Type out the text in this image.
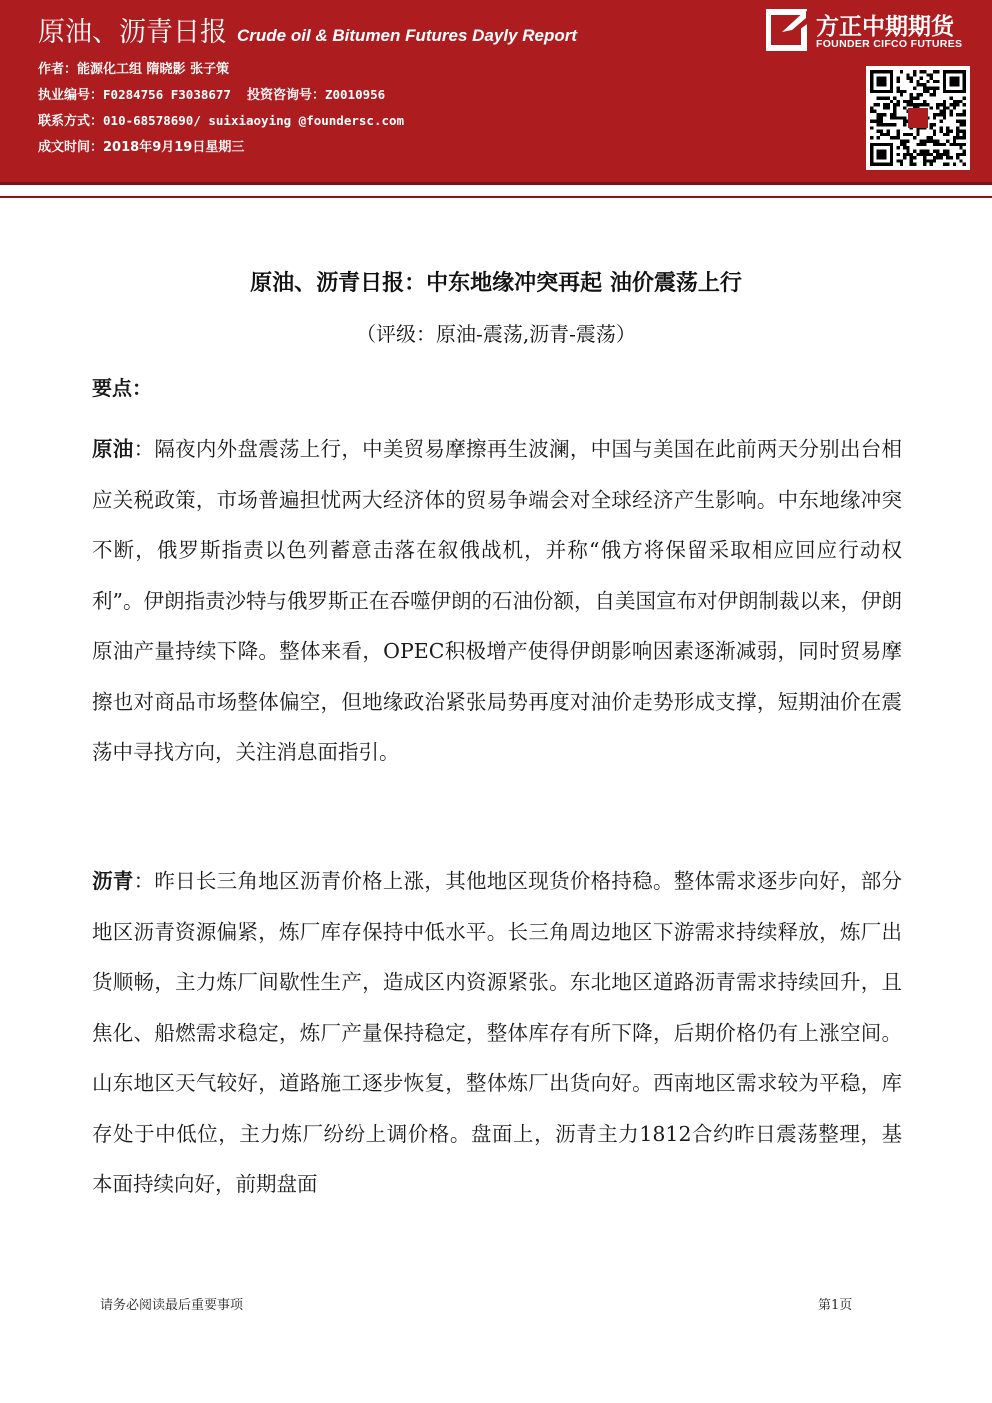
原油、沥青日报 Crude oil & Bitumen Futures Dayly Report
作者：能源化工组 隋晓影 张子策
执业编号：F0284756 F3038677 投资咨询号：Z0010956
联系方式：010-68578690/ suixiaoying @foundersc.com
成文时间：2018年9月19日星期三
方正中期期货
FOUNDER CIFCO FUTURES
原油、沥青日报：中东地缘冲突再起 油价震荡上行
（评级：原油-震荡,沥青-震荡）
要点：

原油：隔夜内外盘震荡上行，中美贸易摩擦再生波澜，中国与美国在此前两天分别出台相应关税政策，市场普遍担忧两大经济体的贸易争端会对全球经济产生影响。中东地缘冲突不断，俄罗斯指责以色列蓄意击落在叙俄战机，并称“俄方将保留采取相应回应行动权利”。伊朗指责沙特与俄罗斯正在吞噬伊朗的石油份额，自美国宣布对伊朗制裁以来，伊朗原油产量持续下降。整体来看，OPEC积极增产使得伊朗影响因素逐渐减弱，同时贸易摩擦也对商品市场整体偏空，但地缘政治紧张局势再度对油价走势形成支撑，短期油价在震荡中寻找方向，关注消息面指引。

沥青：昨日长三角地区沥青价格上涨，其他地区现货价格持稳。整体需求逐步向好，部分地区沥青资源偏紧，炼厂库存保持中低水平。长三角周边地区下游需求持续释放，炼厂出货顺畅，主力炼厂间歇性生产，造成区内资源紧张。东北地区道路沥青需求持续回升，且焦化、船燃需求稳定，炼厂产量保持稳定，整体库存有所下降，后期价格仍有上涨空间。山东地区天气较好，道路施工逐步恢复，整体炼厂出货向好。西南地区需求较为平稳，库存处于中低位，主力炼厂纷纷上调价格。盘面上，沥青主力1812合约昨日震荡整理，基本面持续向好，前期盘面

请务必阅读最后重要事项	第1页
